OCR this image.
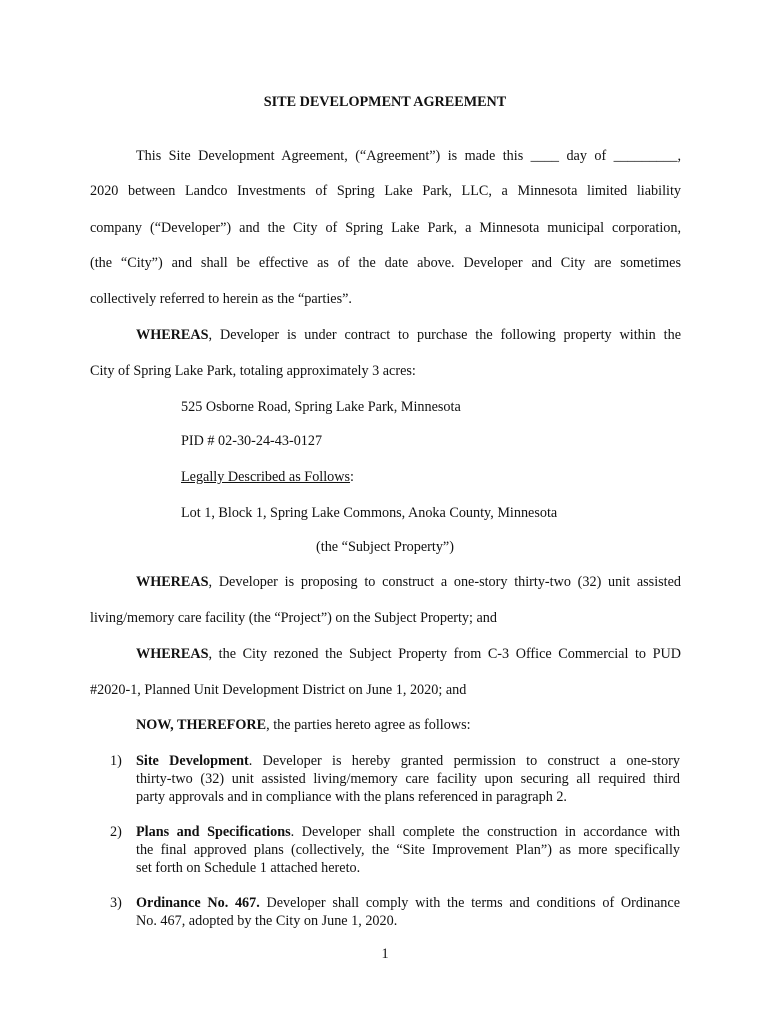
SITE DEVELOPMENT AGREEMENT
This Site Development Agreement, (“Agreement”) is made this ____ day of _________,
2020 between Landco Investments of Spring Lake Park, LLC, a Minnesota limited liability
company (“Developer”) and the City of Spring Lake Park, a Minnesota municipal corporation,
(the “City”) and shall be effective as of the date above. Developer and City are sometimes
collectively referred to herein as the “parties”.
WHEREAS, Developer is under contract to purchase the following property within the
City of Spring Lake Park, totaling approximately 3 acres:
525 Osborne Road, Spring Lake Park, Minnesota
PID # 02-30-24-43-0127
Legally Described as Follows:
Lot 1, Block 1, Spring Lake Commons, Anoka County, Minnesota
(the “Subject Property”)
WHEREAS, Developer is proposing to construct a one-story thirty-two (32) unit assisted
living/memory care facility (the “Project”) on the Subject Property; and
WHEREAS, the City rezoned the Subject Property from C-3 Office Commercial to PUD
#2020-1, Planned Unit Development District on June 1, 2020; and
NOW, THEREFORE, the parties hereto agree as follows:
1) Site Development. Developer is hereby granted permission to construct a one-story
thirty-two (32) unit assisted living/memory care facility upon securing all required third
party approvals and in compliance with the plans referenced in paragraph 2.
2) Plans and Specifications. Developer shall complete the construction in accordance with
the final approved plans (collectively, the “Site Improvement Plan”) as more specifically
set forth on Schedule 1 attached hereto.
3) Ordinance No. 467. Developer shall comply with the terms and conditions of Ordinance
No. 467, adopted by the City on June 1, 2020.
1
